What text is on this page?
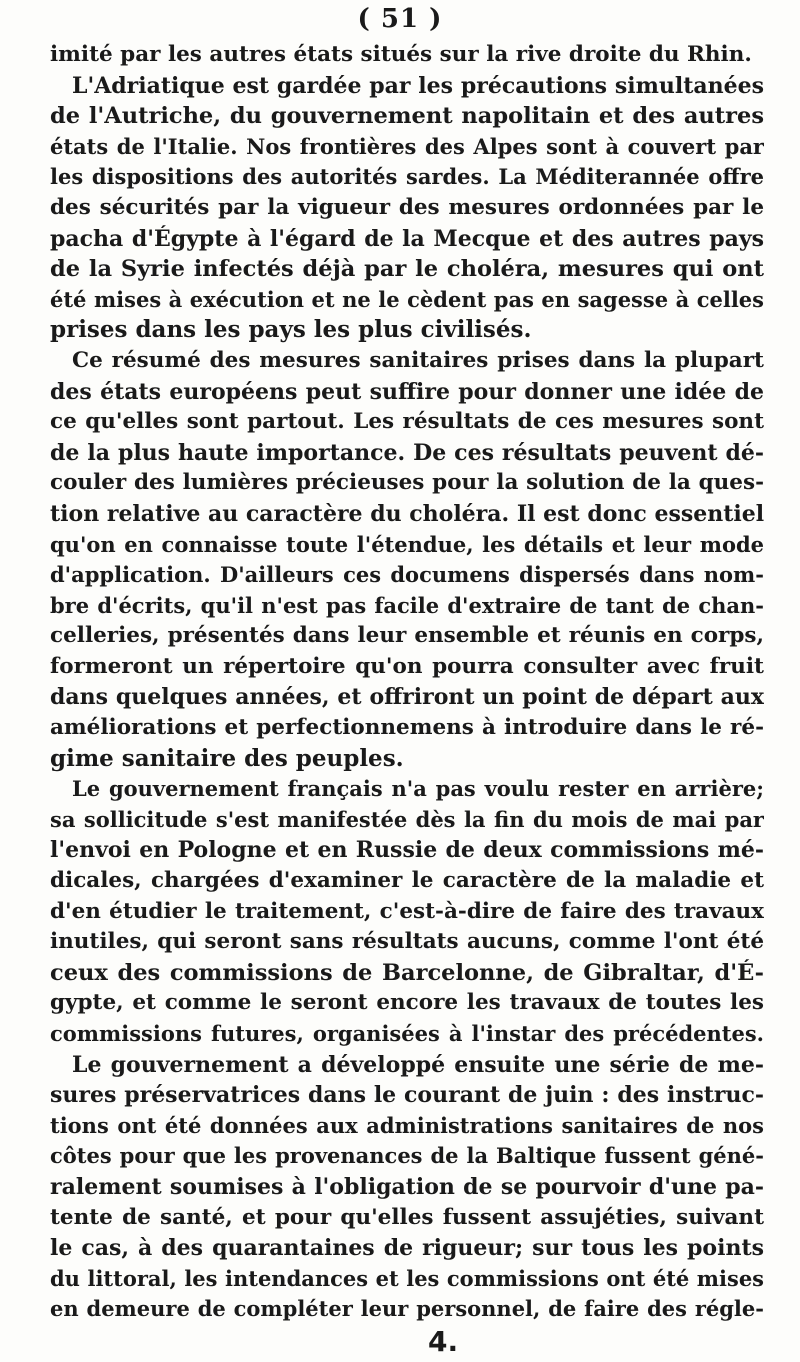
( 51 )
imité par les autres états situés sur la rive droite du Rhin.
L'Adriatique est gardée par les précautions simultanées
de l'Autriche, du gouvernement napolitain et des autres
états de l'Italie. Nos frontières des Alpes sont à couvert par
les dispositions des autorités sardes. La Méditerannée offre
des sécurités par la vigueur des mesures ordonnées par le
pacha d'Égypte à l'égard de la Mecque et des autres pays
de la Syrie infectés déjà par le choléra, mesures qui ont
été mises à exécution et ne le cèdent pas en sagesse à celles
prises dans les pays les plus civilisés.
Ce résumé des mesures sanitaires prises dans la plupart
des états européens peut suffire pour donner une idée de
ce qu'elles sont partout. Les résultats de ces mesures sont
de la plus haute importance. De ces résultats peuvent dé-
couler des lumières précieuses pour la solution de la ques-
tion relative au caractère du choléra. Il est donc essentiel
qu'on en connaisse toute l'étendue, les détails et leur mode
d'application. D'ailleurs ces documens dispersés dans nom-
bre d'écrits, qu'il n'est pas facile d'extraire de tant de chan-
celleries, présentés dans leur ensemble et réunis en corps,
formeront un répertoire qu'on pourra consulter avec fruit
dans quelques années, et offriront un point de départ aux
améliorations et perfectionnemens à introduire dans le ré-
gime sanitaire des peuples.
Le gouvernement français n'a pas voulu rester en arrière;
sa sollicitude s'est manifestée dès la fin du mois de mai par
l'envoi en Pologne et en Russie de deux commissions mé-
dicales, chargées d'examiner le caractère de la maladie et
d'en étudier le traitement, c'est-à-dire de faire des travaux
inutiles, qui seront sans résultats aucuns, comme l'ont été
ceux des commissions de Barcelonne, de Gibraltar, d'É-
gypte, et comme le seront encore les travaux de toutes les
commissions futures, organisées à l'instar des précédentes.
Le gouvernement a développé ensuite une série de me-
sures préservatrices dans le courant de juin : des instruc-
tions ont été données aux administrations sanitaires de nos
côtes pour que les provenances de la Baltique fussent géné-
ralement soumises à l'obligation de se pourvoir d'une pa-
tente de santé, et pour qu'elles fussent assujéties, suivant
le cas, à des quarantaines de rigueur; sur tous les points
du littoral, les intendances et les commissions ont été mises
en demeure de compléter leur personnel, de faire des régle-
4.
